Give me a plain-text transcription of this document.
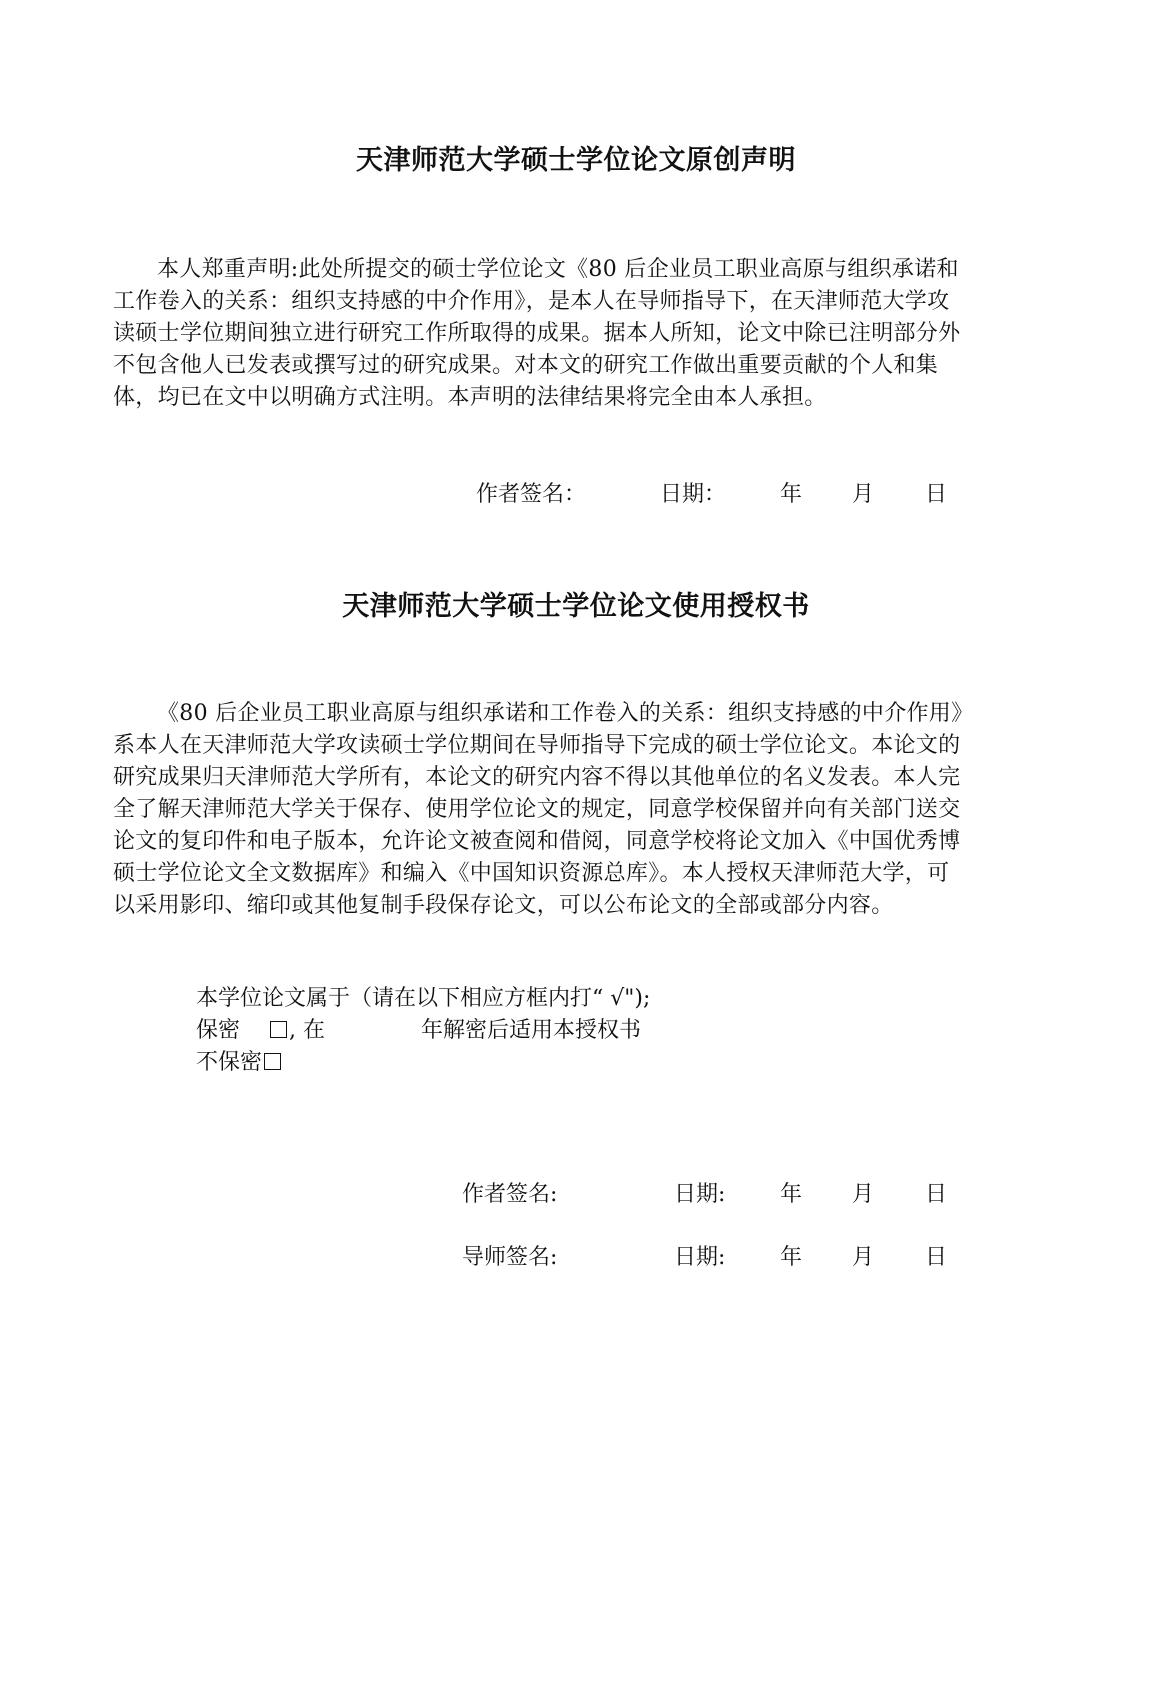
天津师范大学硕士学位论文原创声明
本人郑重声明:此处所提交的硕士学位论文《80 后企业员工职业高原与组织承诺和
工作卷入的关系：组织支持感的中介作用》，是本人在导师指导下，在天津师范大学攻
读硕士学位期间独立进行研究工作所取得的成果。据本人所知，论文中除已注明部分外
不包含他人已发表或撰写过的研究成果。对本文的研究工作做出重要贡献的个人和集
体，均已在文中以明确方式注明。本声明的法律结果将完全由本人承担。
作者签名：	日期： 年 月 日
天津师范大学硕士学位论文使用授权书
《80 后企业员工职业高原与组织承诺和工作卷入的关系：组织支持感的中介作用》
系本人在天津师范大学攻读硕士学位期间在导师指导下完成的硕士学位论文。本论文的
研究成果归天津师范大学所有，本论文的研究内容不得以其他单位的名义发表。本人完
全了解天津师范大学关于保存、使用学位论文的规定，同意学校保留并向有关部门送交
论文的复印件和电子版本，允许论文被查阅和借阅，同意学校将论文加入《中国优秀博
硕士学位论文全文数据库》和编入《中国知识资源总库》。本人授权天津师范大学，可
以采用影印、缩印或其他复制手段保存论文，可以公布论文的全部或部分内容。
本学位论文属于（请在以下相应方框内打“ √");
保密 , 在	年解密后适用本授权书
不保密
作者签名:	日期: 年 月 日
导师签名:	日期: 年 月 日
